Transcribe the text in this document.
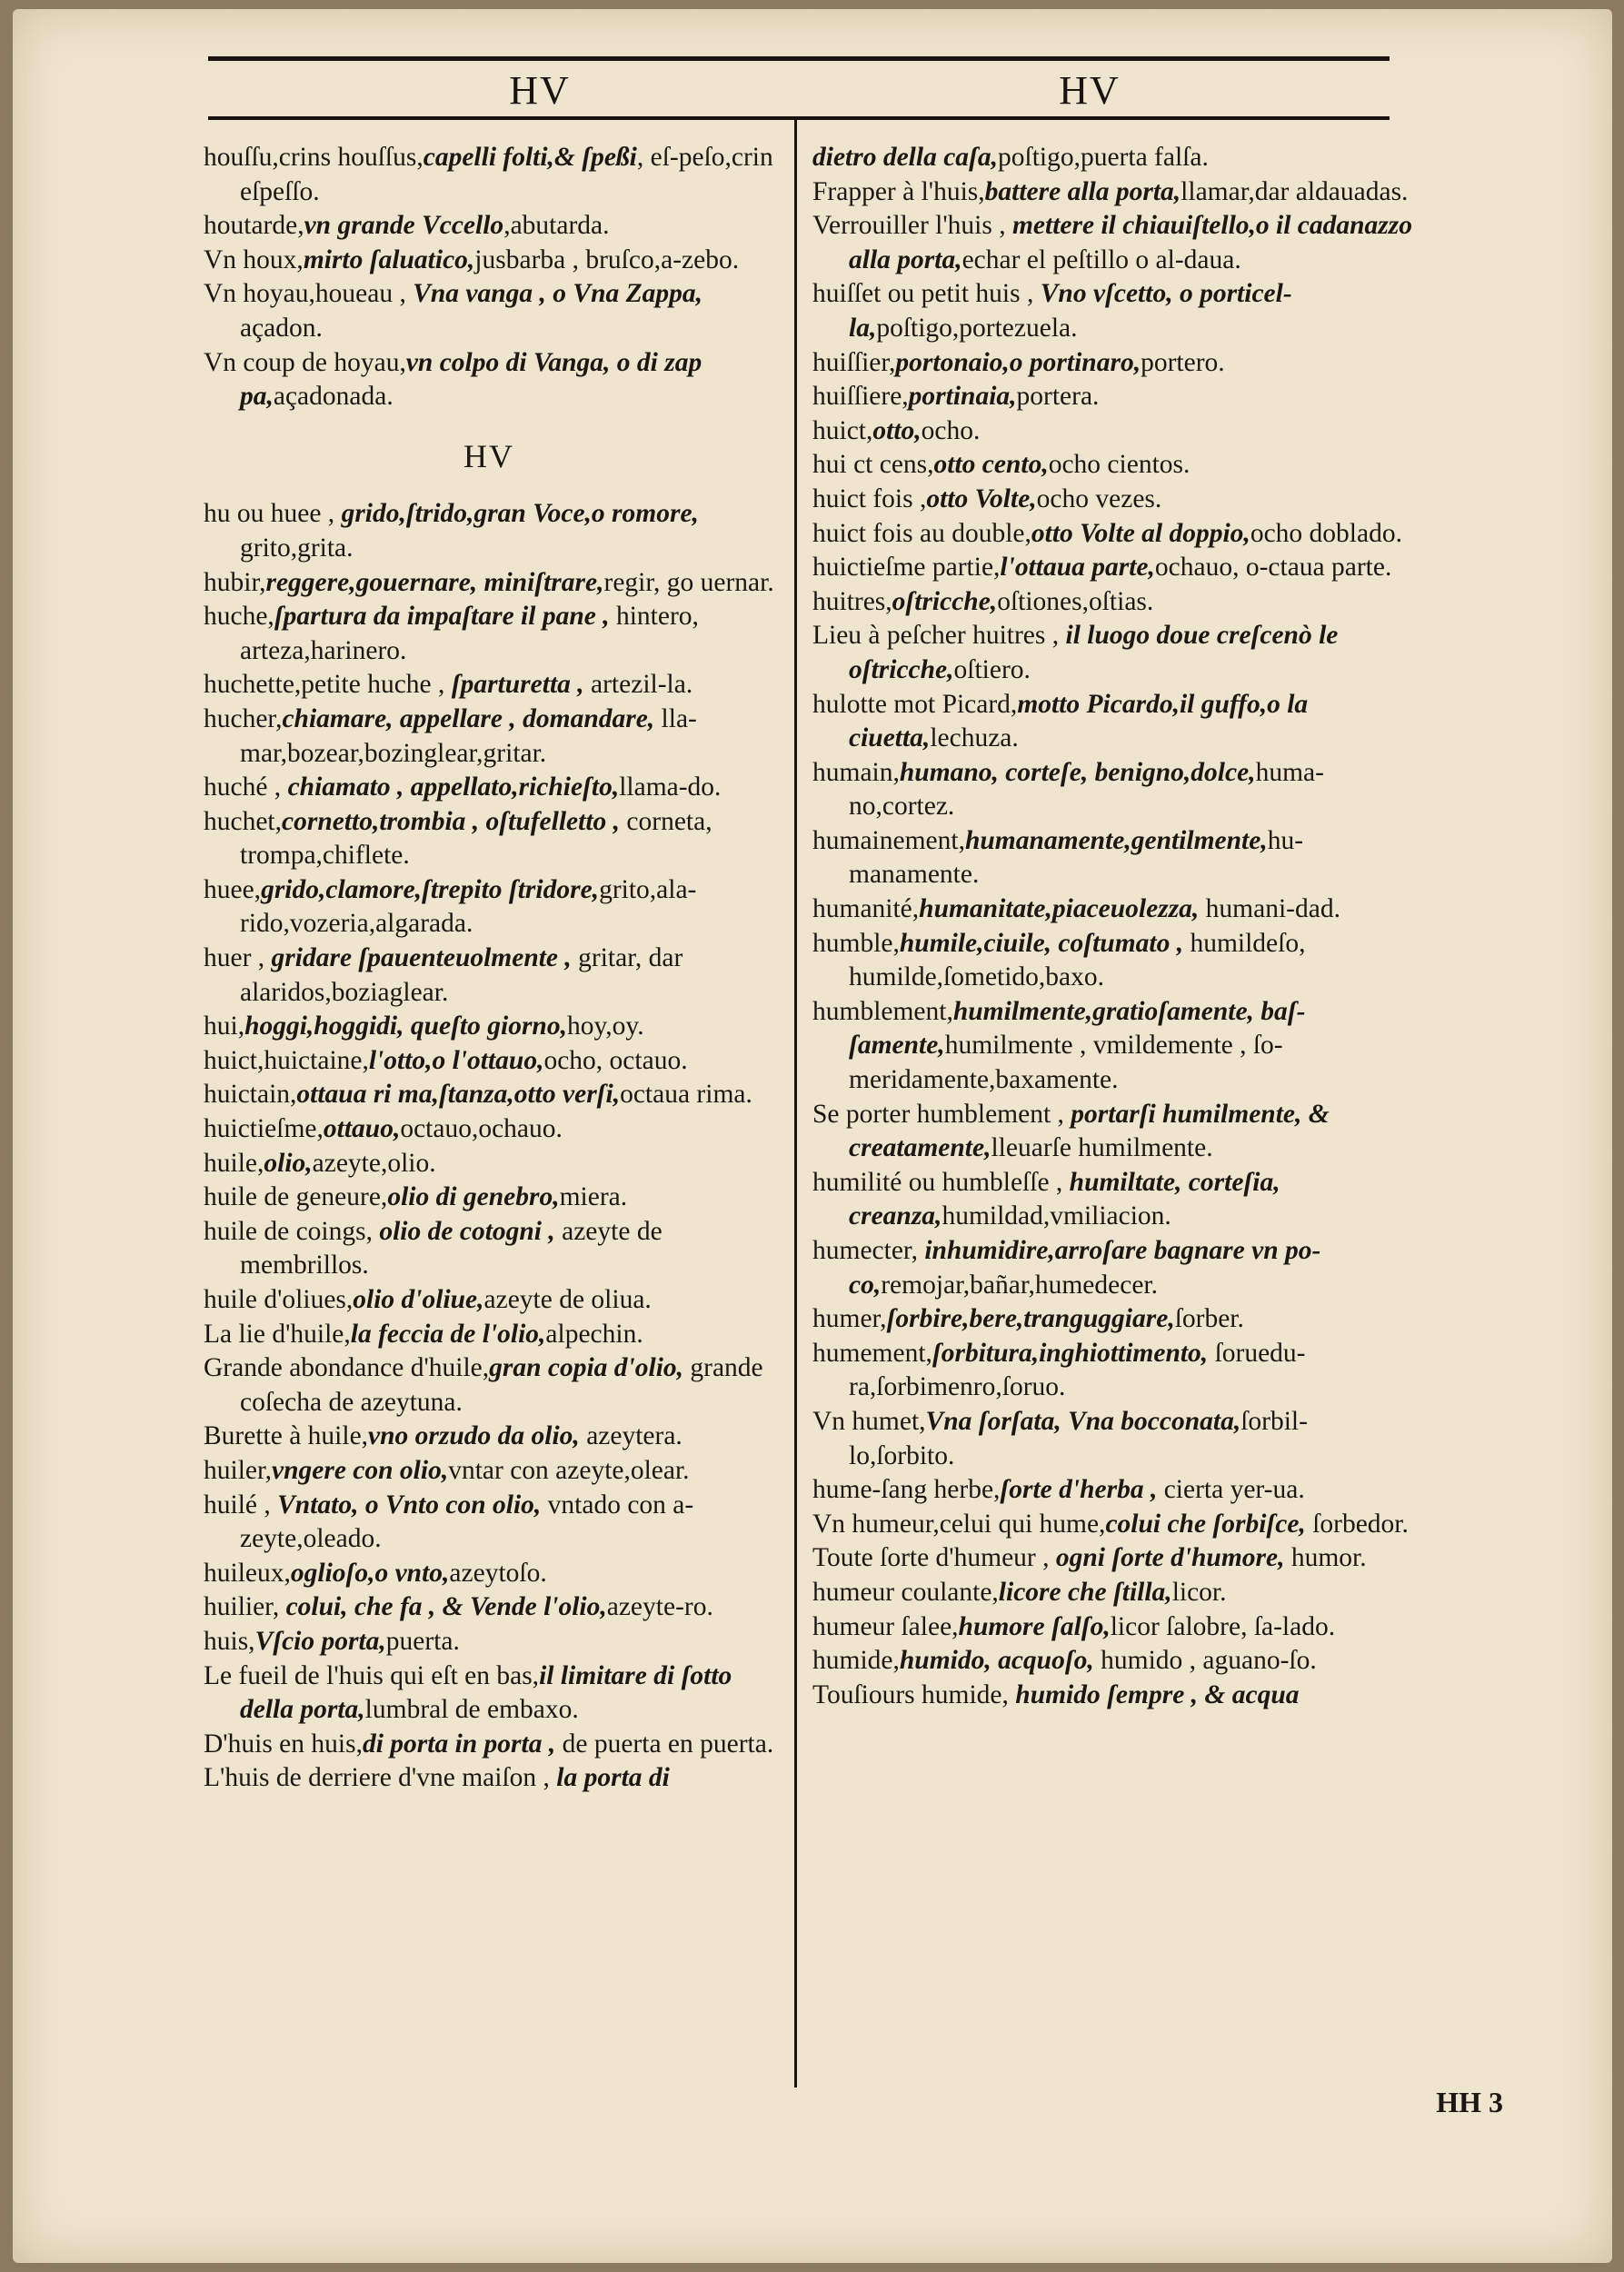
HV	HV

houſſu,crins houſſus,capelli folti,& ſpeßi, eſ-peſo,crin eſpeſſo.

houtarde,vn grande Vccello,abutarda.

Vn houx,mirto ſaluatico,jusbarba , bruſco,a-zebo.

Vn hoyau,houeau , Vna vanga , o Vna Zappa, açadon.

Vn coup de hoyau,vn colpo di Vanga, o di zap pa,açadonada.

HV

hu ou huee , grido,ſtrido,gran Voce,o romore, grito,grita.

hubir,reggere,gouernare, miniſtrare,regir, go uernar.

huche,ſpartura da impaſtare il pane , hintero, arteza,harinero.

huchette,petite huche , ſparturetta , artezil-la.

hucher,chiamare, appellare , domandare, lla-mar,bozear,bozinglear,gritar.

huché , chiamato , appellato,richieſto,llama-do.

huchet,cornetto,trombia , oſtufelletto , corneta, trompa,chiflete.

huee,grido,clamore,ſtrepito ſtridore,grito,ala-rido,vozeria,algarada.

huer , gridare ſpauenteuolmente , gritar, dar alaridos,boziaglear.

hui,hoggi,hoggidi, queſto giorno,hoy,oy.

huict,huictaine,l'otto,o l'ottauo,ocho, octauo.

huictain,ottaua ri ma,ſtanza,otto verſi,octaua rima.

huictieſme,ottauo,octauo,ochauo.

huile,olio,azeyte,olio.

huile de geneure,olio di genebro,miera.

huile de coings, olio de cotogni , azeyte de membrillos.

huile d'oliues,olio d'oliue,azeyte de oliua.

La lie d'huile,la feccia de l'olio,alpechin.

Grande abondance d'huile,gran copia d'olio, grande coſecha de azeytuna.

Burette à huile,vno orzudo da olio, azeytera.

huiler,vngere con olio,vntar con azeyte,olear.

huilé , Vntato, o Vnto con olio, vntado con a-zeyte,oleado.

huileux,oglioſo,o vnto,azeytoſo.

huilier, colui, che fa , & Vende l'olio,azeyte-ro.

huis,Vſcio porta,puerta.

Le fueil de l'huis qui eſt en bas,il limitare di ſotto della porta,lumbral de embaxo.

D'huis en huis,di porta in porta , de puerta en puerta.

L'huis de derriere d'vne maiſon , la porta di

dietro della caſa,poſtigo,puerta falſa.

Frapper à l'huis,battere alla porta,llamar,dar aldauadas.

Verrouiller l'huis , mettere il chiauiſtello,o il cadanazzo alla porta,echar el peſtillo o al-daua.

huiſſet ou petit huis , Vno vſcetto, o porticel-la,poſtigo,portezuela.

huiſſier,portonaio,o portinaro,portero.

huiſſiere,portinaia,portera.

huict,otto,ocho.

hui ct cens,otto cento,ocho cientos.

huict fois ,otto Volte,ocho vezes.

huict fois au double,otto Volte al doppio,ocho doblado.

huictieſme partie,l'ottaua parte,ochauo, o-ctaua parte.

huitres,oſtricche,oſtiones,oſtias.

Lieu à peſcher huitres , il luogo doue creſcenò le oſtricche,oſtiero.

hulotte mot Picard,motto Picardo,il guffo,o la ciuetta,lechuza.

humain,humano, corteſe, benigno,dolce,huma-no,cortez.

humainement,humanamente,gentilmente,hu-manamente.

humanité,humanitate,piaceuolezza, humani-dad.

humble,humile,ciuile, coſtumato , humildeſo, humilde,ſometido,baxo.

humblement,humilmente,gratioſamente, baſ-ſamente,humilmente , vmildemente , ſo-meridamente,baxamente.

Se porter humblement , portarſi humilmente, & creatamente,lleuarſe humilmente.

humilité ou humbleſſe , humiltate, corteſia, creanza,humildad,vmiliacion.

humecter, inhumidire,arroſare bagnare vn po-co,remojar,bañar,humedecer.

humer,ſorbire,bere,tranguggiare,ſorber.

humement,ſorbitura,inghiottimento, ſoruedu-ra,ſorbimenro,ſoruo.

Vn humet,Vna ſorſata, Vna bocconata,ſorbil-lo,ſorbito.

hume-ſang herbe,ſorte d'herba , cierta yer-ua.

Vn humeur,celui qui hume,colui che ſorbiſce, ſorbedor.

Toute ſorte d'humeur , ogni ſorte d'humore, humor.

humeur coulante,licore che ſtilla,licor.

humeur ſalee,humore ſalſo,licor ſalobre, ſa-lado.

humide,humido, acquoſo, humido , aguano-ſo.

Touſiours humide, humido ſempre , & acqua

HH 3
